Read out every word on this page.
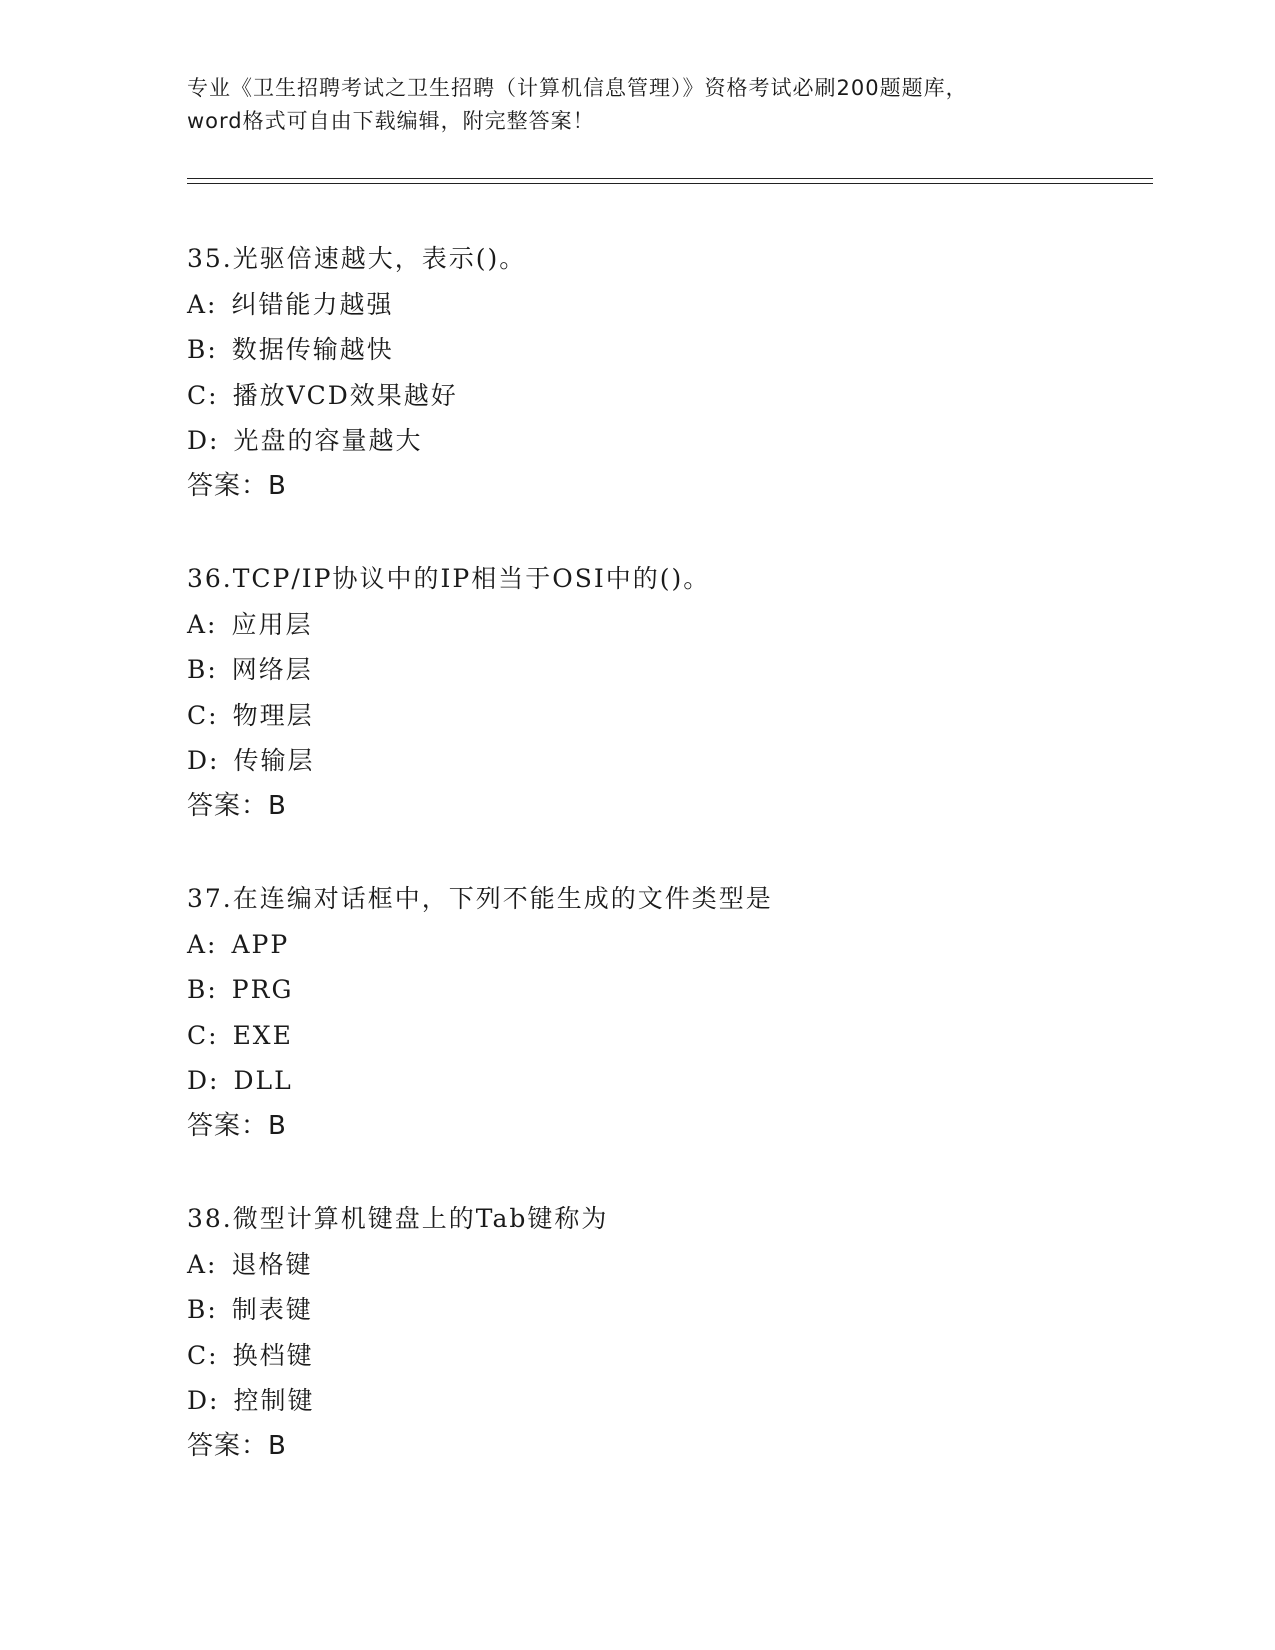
专业《卫生招聘考试之卫生招聘（计算机信息管理）》资格考试必刷200题题库，
word格式可自由下载编辑，附完整答案！
35.光驱倍速越大，表示()。
A: 纠错能力越强
B: 数据传输越快
C: 播放VCD效果越好
D: 光盘的容量越大
答案：B
36.TCP/IP协议中的IP相当于OSI中的()。
A: 应用层
B: 网络层
C: 物理层
D: 传输层
答案：B
37.在连编对话框中，下列不能生成的文件类型是
A: APP
B: PRG
C: EXE
D: DLL
答案：B
38.微型计算机键盘上的Tab键称为
A: 退格键
B: 制表键
C: 换档键
D: 控制键
答案：B
